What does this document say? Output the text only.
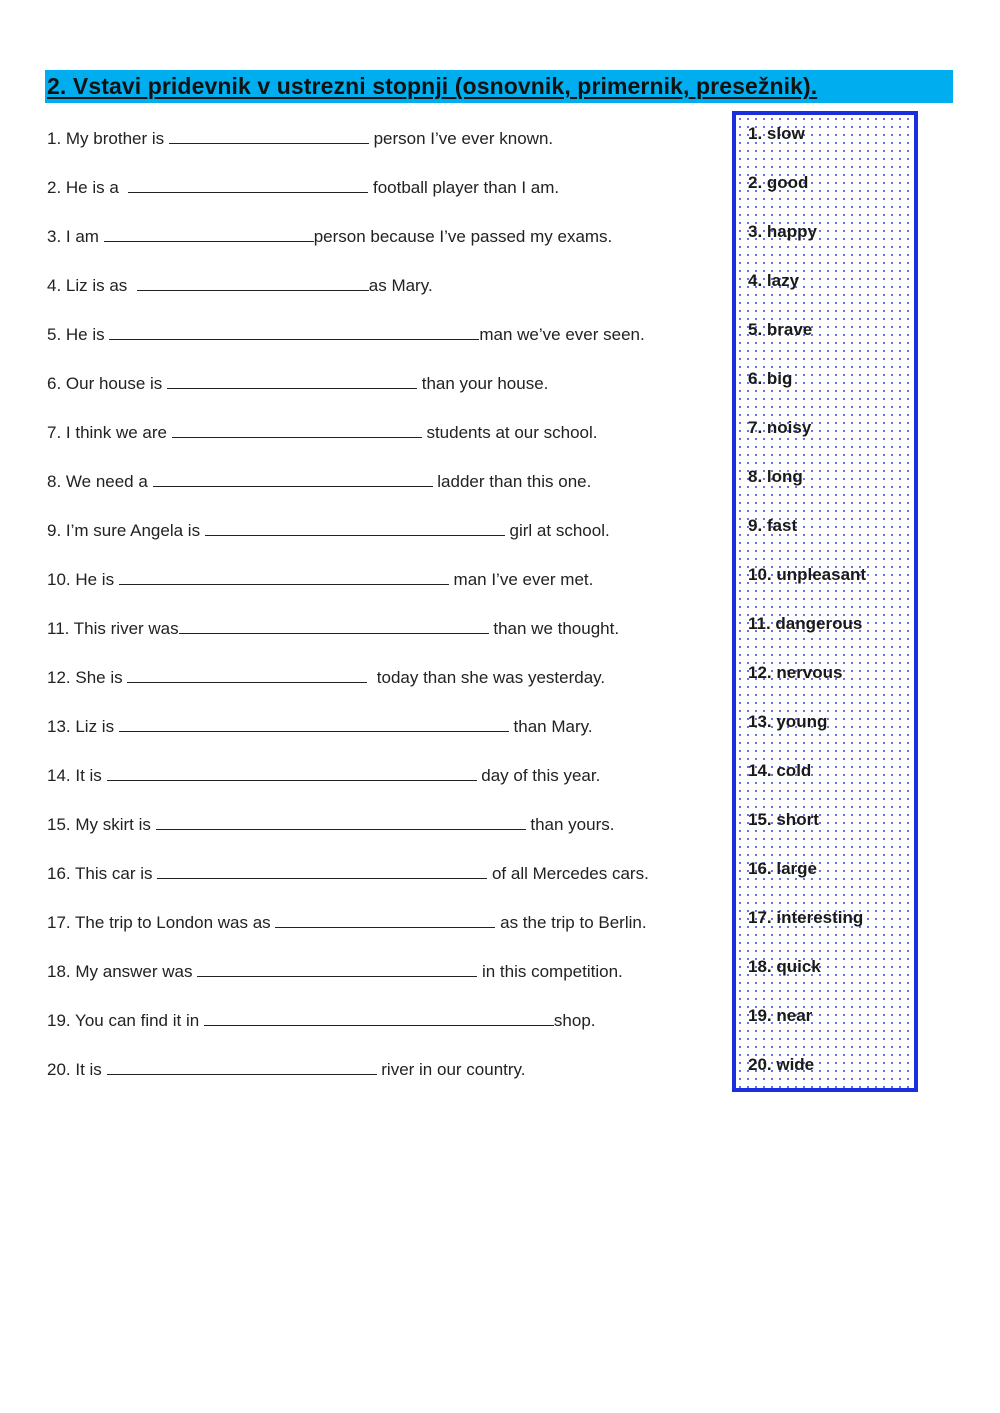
2. Vstavi pridevnik v ustrezni stopnji (osnovnik, primernik, presežnik).
1. My brother is	person I’ve ever known.
2. He is a	football player than I am.
3. I am	person because I’ve passed my exams.
4. Liz is as	as Mary.
5. He is	man we’ve ever seen.
6. Our house is	than your house.
7. I think we are	students at our school.
8. We need a	ladder than this one.
9. I’m sure Angela is	girl at school.
10. He is	man I’ve ever met.
11. This river was	than we thought.
12. She is	today than she was yesterday.
13. Liz is	than Mary.
14. It is	day of this year.
15. My skirt is	than yours.
16. This car is	of all Mercedes cars.
17. The trip to London was as	as the trip to Berlin.
18. My answer was	in this competition.
19. You can find it in	shop.
20. It is	river in our country.
1. slow
2. good
3. happy
4. lazy
5. brave
6. big
7. noisy
8. long
9. fast
10. unpleasant
11. dangerous
12. nervous
13. young
14. cold
15. short
16. large
17. interesting
18. quick
19. near
20. wide
